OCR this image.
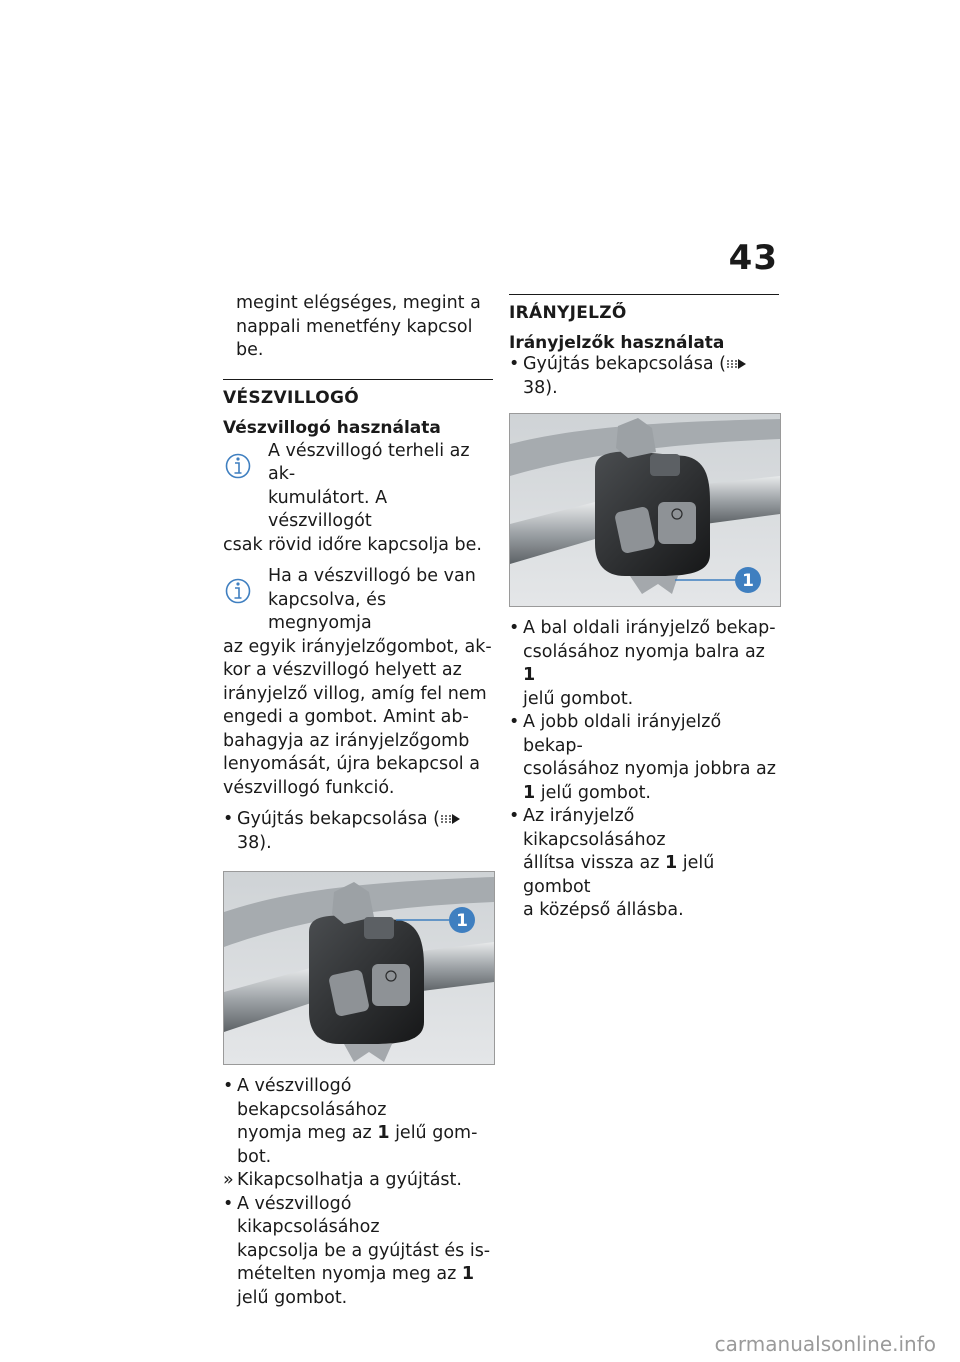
43

megint elégséges, megint a

nappali menetfény kapcsol be.

VÉSZVILLOGÓ

Vészvillogó használata

A vészvillogó terheli az ak-

kumulátort. A vészvillogót

csak rövid időre kapcsolja be.

Ha a vészvillogó be van

kapcsolva, és megnyomja

az egyik irányjelzőgombot, ak-

kor a vészvillogó helyett az

irányjelző villog, amíg fel nem

engedi a gombot. Amint ab-

bahagyja az irányjelzőgomb

lenyomását, újra bekapcsol a

vészvillogó funkció.

• Gyújtás bekapcsolása (38).
1
• A vészvillogó bekapcsolásához
nyomja meg az 1 jelű gom-
bot.
» Kikapcsolhatja a gyújtást.
• A vészvillogó kikapcsolásához
kapcsolja be a gyújtást és is-
mételten nyomja meg az 1
jelű gombot.

IRÁNYJELZŐ

Irányjelzők használata

• Gyújtás bekapcsolása (38).
1
• A bal oldali irányjelző bekap-
csolásához nyomja balra az 1
jelű gombot.
• A jobb oldali irányjelző bekap-
csolásához nyomja jobbra az
1 jelű gombot.
• Az irányjelző kikapcsolásához
állítsa vissza az 1 jelű gombot
a középső állásba.
carmanualsonline.info
